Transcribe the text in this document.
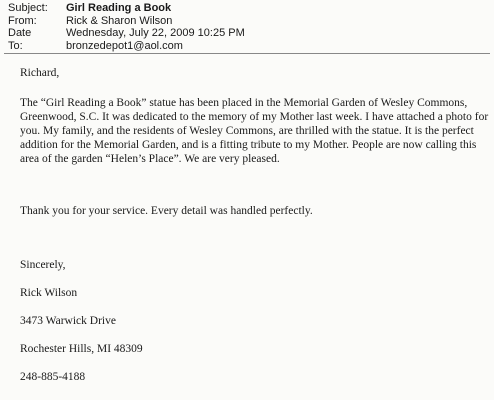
Subject:	Girl Reading a Book
From:	Rick & Sharon Wilson
Date	Wednesday, July 22, 2009 10:25 PM
To:	bronzedepot1@aol.com

Richard,

The “Girl Reading a Book” statue has been placed in the Memorial Garden of Wesley Commons, Greenwood, S.C. It was dedicated to the memory of my Mother last week. I have attached a photo for you. My family, and the residents of Wesley Commons, are thrilled with the statue. It is the perfect addition for the Memorial Garden, and is a fitting tribute to my Mother. People are now calling this area of the garden “Helen’s Place”. We are very pleased.

Thank you for your service. Every detail was handled perfectly.

Sincerely,

Rick Wilson

3473 Warwick Drive

Rochester Hills, MI 48309

248-885-4188
